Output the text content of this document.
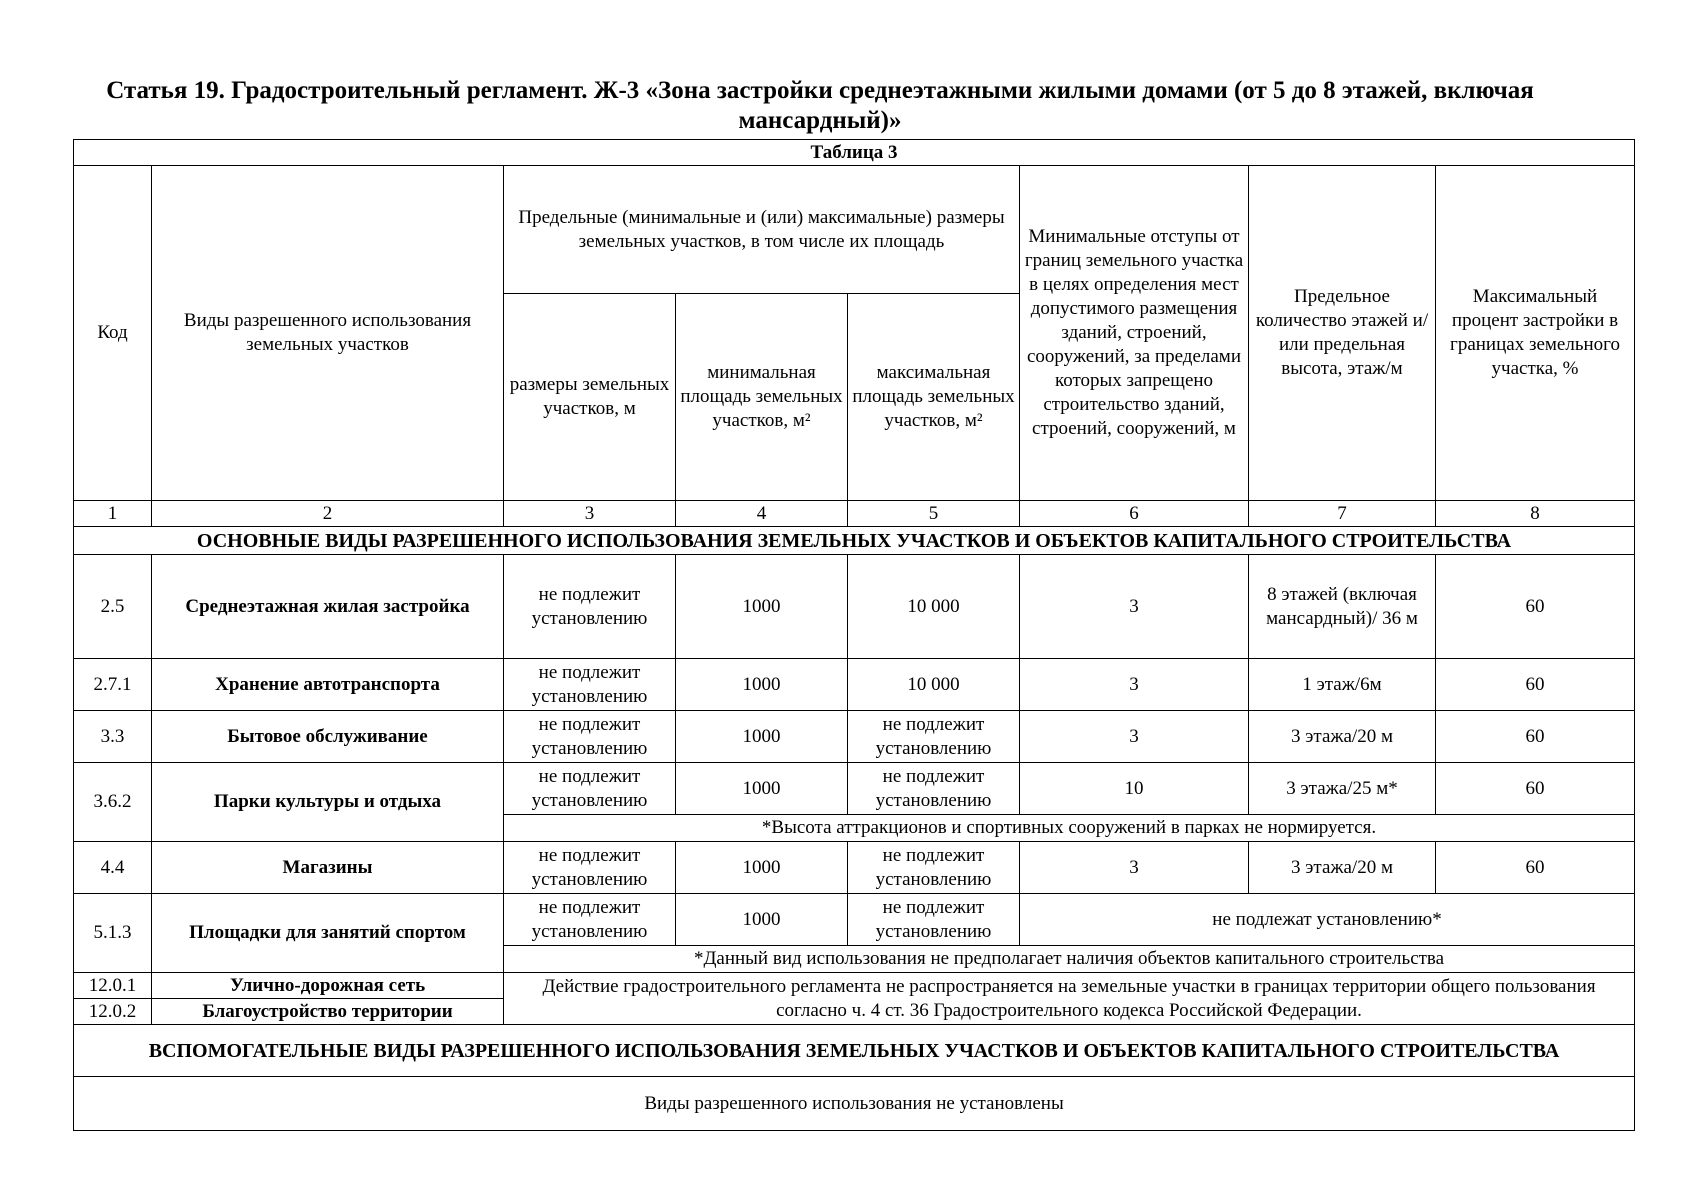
Статья 19. Градостроительный регламент. Ж-3 «Зона застройки среднеэтажными жилыми домами (от 5 до 8 этажей, включая мансардный)»
Таблица 3							
Код	Виды разрешенного использования земельных участков	Предельные (минимальные и (или) максимальные) размеры земельных участков, в том числе их площадь			Минимальные отступы от границ земельного участка в целях определения мест допустимого размещения зданий, строений, сооружений, за пределами которых запрещено строительство зданий, строений, сооружений, м	Предельное количество этажей и/или предельная высота, этаж/м	Максимальный процент застройки в границах земельного участка, %
		размеры земельных участков, м	минимальная площадь земельных участков, м²	максимальная площадь земельных участков, м²			
1	2	3	4	5	6	7	8
ОСНОВНЫЕ ВИДЫ РАЗРЕШЕННОГО ИСПОЛЬЗОВАНИЯ ЗЕМЕЛЬНЫХ УЧАСТКОВ И ОБЪЕКТОВ КАПИТАЛЬНОГО СТРОИТЕЛЬСТВА							
2.5	Среднеэтажная жилая застройка	не подлежит установлению	1000	10 000	3	8 этажей (включая мансардный)/ 36 м	60
2.7.1	Хранение автотранспорта	не подлежит установлению	1000	10 000	3	1 этаж/6м	60
3.3	Бытовое обслуживание	не подлежит установлению	1000	не подлежит установлению	3	3 этажа/20 м	60
3.6.2	Парки культуры и отдыха	не подлежит установлению	1000	не подлежит установлению	10	3 этажа/25 м*	60
		*Высота аттракционов и спортивных сооружений в парках не нормируется.					
4.4	Магазины	не подлежит установлению	1000	не подлежит установлению	3	3 этажа/20 м	60
5.1.3	Площадки для занятий спортом	не подлежит установлению	1000	не подлежит установлению	не подлежат установлению*		
		*Данный вид использования не предполагает наличия объектов капитального строительства					
12.0.1	Улично-дорожная сеть	Действие градостроительного регламента не распространяется на земельные участки в границах территории общего пользования согласно ч. 4 ст. 36 Градостроительного кодекса Российской Федерации.					
12.0.2	Благоустройство территории						
ВСПОМОГАТЕЛЬНЫЕ ВИДЫ РАЗРЕШЕННОГО ИСПОЛЬЗОВАНИЯ ЗЕМЕЛЬНЫХ УЧАСТКОВ И ОБЪЕКТОВ КАПИТАЛЬНОГО СТРОИТЕЛЬСТВА							
Виды разрешенного использования не установлены							
